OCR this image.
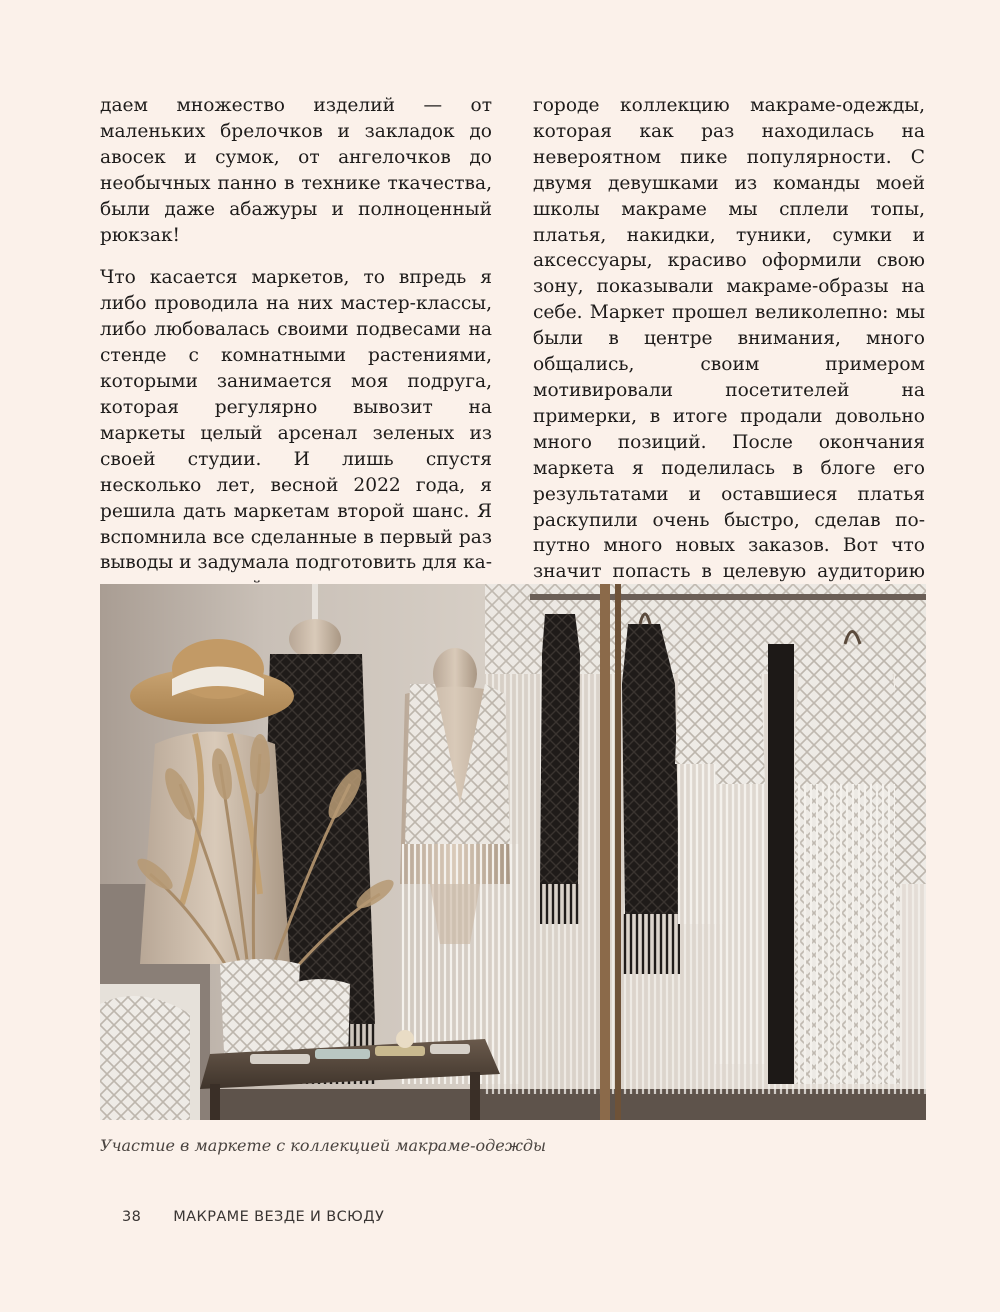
даем множество изделий — от маленьких брелочков и закладок до авоcек и сумок, от ангелочков до необычных панно в технике ткачества, были даже абажуры и полноценный рюкзак!

Что касается маркетов, то впредь я либо проводила на них мастер-классы, либо любовалась своими подвесами на стенде с комнатными растениями, которыми занимается моя подруга, которая регулярно вывозит на маркеты целый арсенал зеленых из своей студии. И лишь спустя несколько лет, весной 2022 года, я решила дать маркетам второй шанс. Я вспомнила все сделанные в первый раз выводы и задумала подготовить для ка

городе коллекцию макраме-одежды, которая как раз находилась на невероятном пике популярности. С двумя девушками из команды моей школы макраме мы сплели топы, платья, накидки, туники, сумки и аксессуары, красиво оформили свою зону, показывали макраме-образы на себе. Маркет прошел великолепно: мы были в центре внимания, много общались, своим примером мотивировали посетителей на примерки, в итоге продали довольно много позиций. После окончания маркета я поделилась в блоге его результатами и оставшиеся платья раскупили очень быстро, сделав попутно много новых заказов. Вот что значит попасть в целевую аудиторию

Участие в маркете с коллекцией макраме-одежды
38 МАКРАМЕ ВЕЗДЕ И ВСЮДУ
